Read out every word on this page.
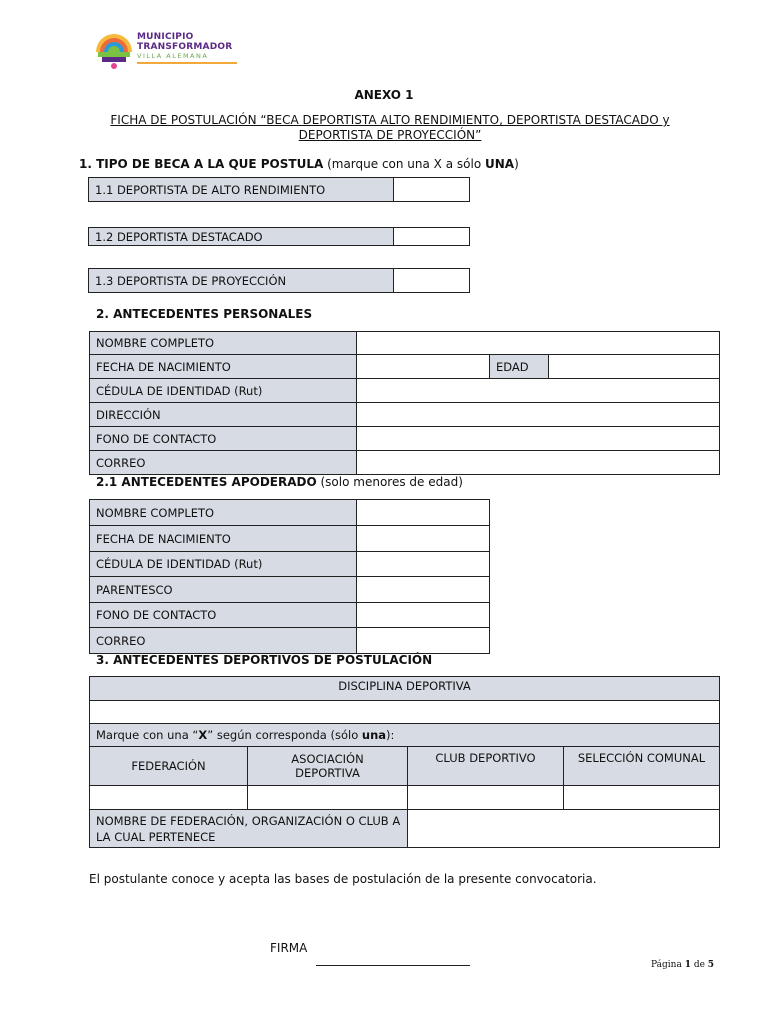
MUNICIPIO
TRANSFORMADOR
VILLA ALEMANA
ANEXO 1
FICHA DE POSTULACIÓN “BECA DEPORTISTA ALTO RENDIMIENTO, DEPORTISTA DESTACADO y
DEPORTISTA DE PROYECCIÓN”
1. TIPO DE BECA A LA QUE POSTULA (marque con una X a sólo UNA)
1.1 DEPORTISTA DE ALTO RENDIMIENTO	
1.2 DEPORTISTA DESTACADO	
1.3 DEPORTISTA DE PROYECCIÓN	
2. ANTECEDENTES PERSONALES
NOMBRE COMPLETO			
FECHA DE NACIMIENTO		EDAD	
CÉDULA DE IDENTIDAD (Rut)			
DIRECCIÓN			
FONO DE CONTACTO			
CORREO			
2.1 ANTECEDENTES APODERADO (solo menores de edad)
NOMBRE COMPLETO	
FECHA DE NACIMIENTO	
CÉDULA DE IDENTIDAD (Rut)	
PARENTESCO	
FONO DE CONTACTO	
CORREO	
3. ANTECEDENTES DEPORTIVOS DE POSTULACIÓN
DISCIPLINA DEPORTIVA			

Marque con una “X” según corresponda (sólo una):			
FEDERACIÓN	ASOCIACIÓN DEPORTIVA	CLUB DEPORTIVO	SELECCIÓN COMUNAL

NOMBRE DE FEDERACIÓN, ORGANIZACIÓN O CLUB A LA CUAL PERTENECE			
El postulante conoce y acepta las bases de postulación de la presente convocatoria.
FIRMA
Página 1 de 5
